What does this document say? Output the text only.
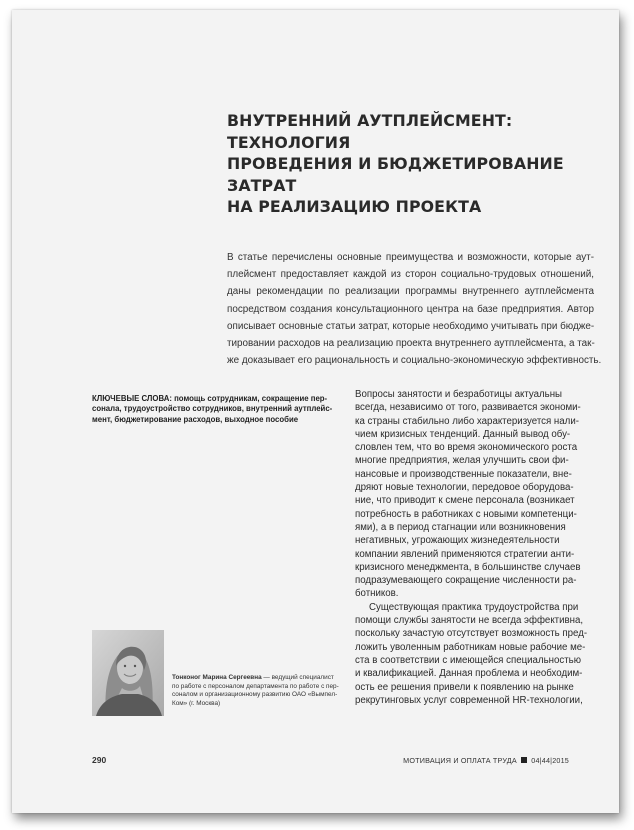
ВНУТРЕННИЙ АУТПЛЕЙСМЕНТ: ТЕХНОЛОГИЯ
ПРОВЕДЕНИЯ И БЮДЖЕТИРОВАНИЕ ЗАТРАТ
НА РЕАЛИЗАЦИЮ ПРОЕКТА
В статье перечислены основные преимущества и возможности, которые аут-
плейсмент предоставляет каждой из сторон социально-трудовых отношений,
даны рекомендации по реализации программы внутреннего аутплейсмента
посредством создания консультационного центра на базе предприятия. Автор
описывает основные статьи затрат, которые необходимо учитывать при бюдже-
тировании расходов на реализацию проекта внутреннего аутплейсмента, а так-
же доказывает его рациональность и социально-экономическую эффективность.
КЛЮЧЕВЫЕ СЛОВА: помощь сотрудникам, сокращение пер-
сонала, трудоустройство сотрудников, внутренний аутплейс-
мент, бюджетирование расходов, выходное пособие
Вопросы занятости и безработицы актуальны
всегда, независимо от того, развивается экономи-
ка страны стабильно либо характеризуется нали-
чием кризисных тенденций. Данный вывод обу-
словлен тем, что во время экономического роста
многие предприятия, желая улучшить свои фи-
нансовые и производственные показатели, вне-
дряют новые технологии, передовое оборудова-
ние, что приводит к смене персонала (возникает
потребность в работниках с новыми компетенци-
ями), а в период стагнации или возникновения
негативных, угрожающих жизнедеятельности
компании явлений применяются стратегии анти-
кризисного менеджмента, в большинстве случаев
подразумевающего сокращение численности ра-
ботников.
Существующая практика трудоустройства при
помощи службы занятости не всегда эффективна,
поскольку зачастую отсутствует возможность пред-
ложить уволенным работникам новые рабочие ме-
ста в соответствии с имеющейся специальностью
и квалификацией. Данная проблема и необходим-
ость ее решения привели к появлению на рынке
рекрутинговых услуг современной HR-технологии,
Тонконог Марина Сергеевна — ведущий специалист
по работе с персоналом департамента по работе с пер-
соналом и организационному развитию ОАО «Вымпел-
Ком» (г. Москва)
290	МОТИВАЦИЯ И ОПЛАТА ТРУДА 04|44|2015
